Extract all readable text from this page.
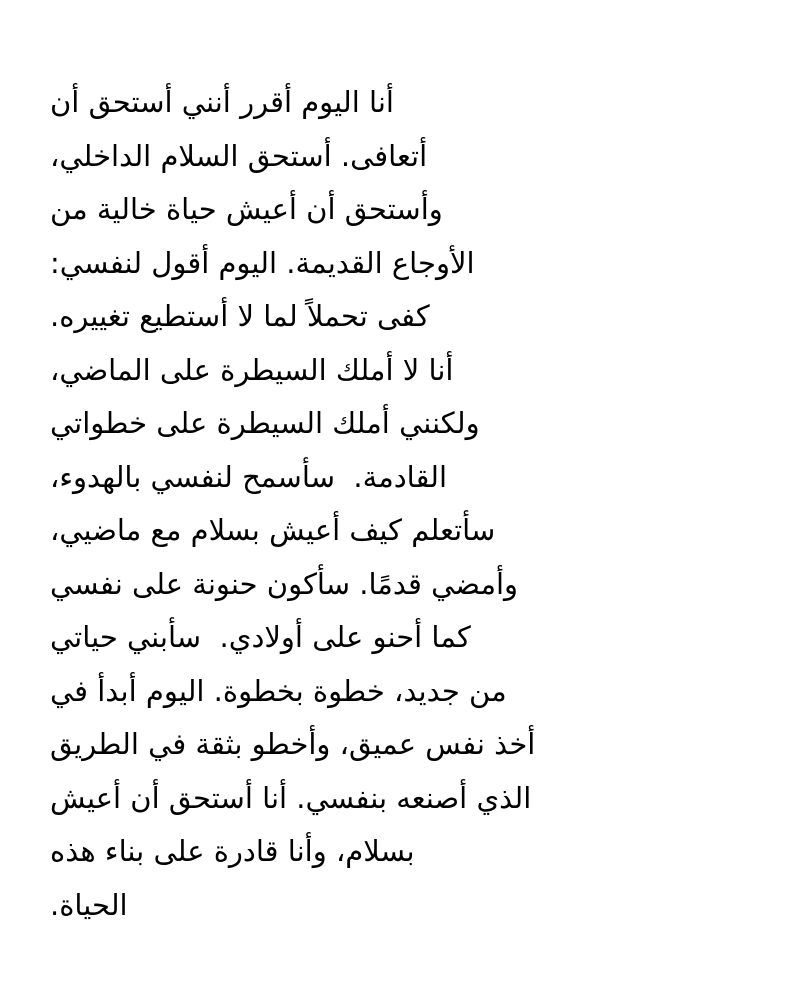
أنا اليوم أقرر أنني أستحق أن
أتعافى. أستحق السلام الداخلي،
وأستحق أن أعيش حياة خالية من
الأوجاع القديمة. اليوم أقول لنفسي:
كفى تحملاً لما لا أستطيع تغييره.
أنا لا أملك السيطرة على الماضي،
ولكنني أملك السيطرة على خطواتي
القادمة.  سأسمح لنفسي بالهدوء،
سأتعلم كيف أعيش بسلام مع ماضيي،
وأمضي قدمًا. سأكون حنونة على نفسي
كما أحنو على أولادي.  سأبني حياتي
من جديد، خطوة بخطوة. اليوم أبدأ في
أخذ نفس عميق، وأخطو بثقة في الطريق
الذي أصنعه بنفسي. أنا أستحق أن أعيش
بسلام، وأنا قادرة على بناء هذه
الحياة.
